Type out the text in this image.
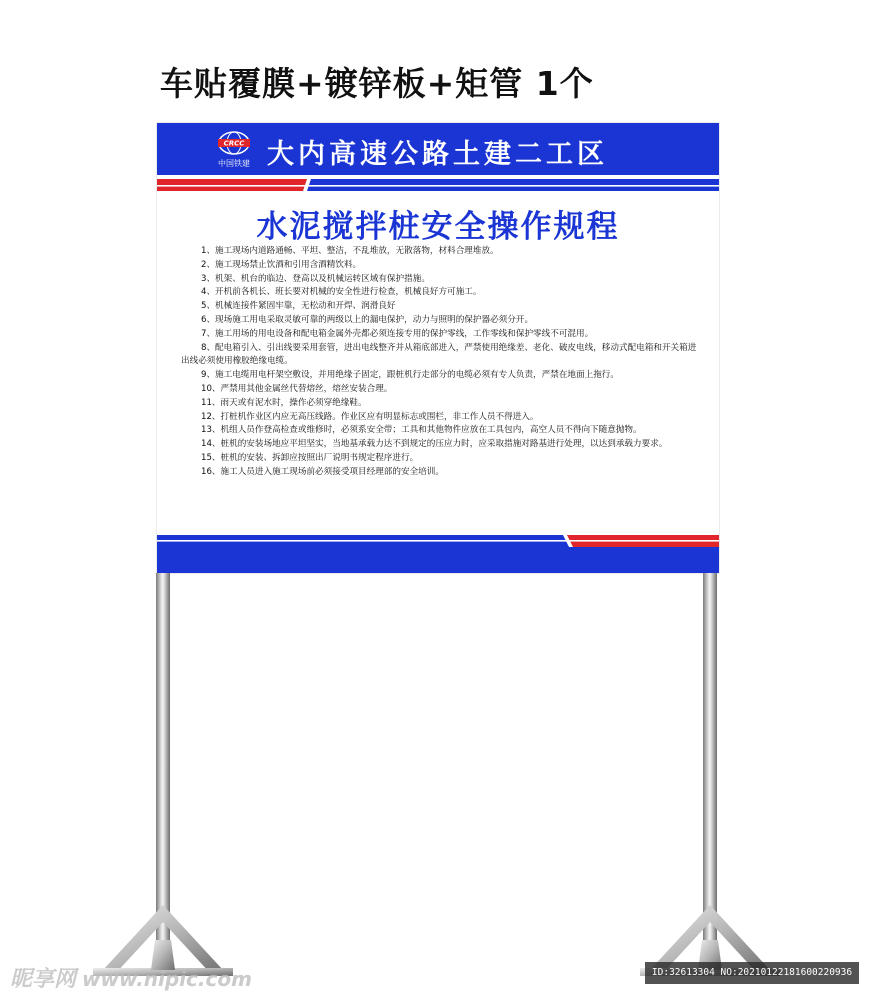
车贴覆膜+镀锌板+矩管 1个
CRCC
中国铁建 大内高速公路土建二工区
水泥搅拌桩安全操作规程

1、施工现场内道路通畅、平坦、整洁，不乱堆放，无散落物，材料合理堆放。

2、施工现场禁止饮酒和引用含酒精饮料。

3、机架、机台的临边、登高以及机械运转区域有保护措施。

4、开机前各机长、班长要对机械的安全性进行检查，机械良好方可施工。

5、机械连接件紧固牢靠，无松动和开焊、润滑良好

6、现场施工用电采取灵敏可靠的两级以上的漏电保护，动力与照明的保护器必须分开。

7、施工用场的用电设备和配电箱金属外壳都必须连接专用的保护零线，工作零线和保护零线不可混用。

8、配电箱引入、引出线要采用套管，进出电线整齐并从箱底部进入，严禁使用绝缘差、老化、破皮电线，移动式配电箱和开关箱进出线必须使用橡胶绝缘电缆。

9、施工电缆用电杆架空敷设，并用绝缘子固定，跟桩机行走部分的电缆必须有专人负责，严禁在地面上拖行。

10、严禁用其他金属丝代替熔丝，熔丝安装合理。

11、雨天或有泥水时，操作必须穿绝缘鞋。

12、打桩机作业区内应无高压线路。作业区应有明显标志或围栏，非工作人员不得进入。

13、机组人员作登高检查或维修时，必须系安全带；工具和其他物件应放在工具包内，高空人员不得向下随意抛物。

14、桩机的安装场地应平坦坚实，当地基承载力达不到规定的压应力时，应采取措施对路基进行处理，以达到承载力要求。

15、桩机的安装、拆卸应按照出厂说明书规定程序进行。

16、施工人员进入施工现场前必须接受项目经理部的安全培训。

昵享网 www.nipic.com	ID:32613304 NO:20210122181600220936
